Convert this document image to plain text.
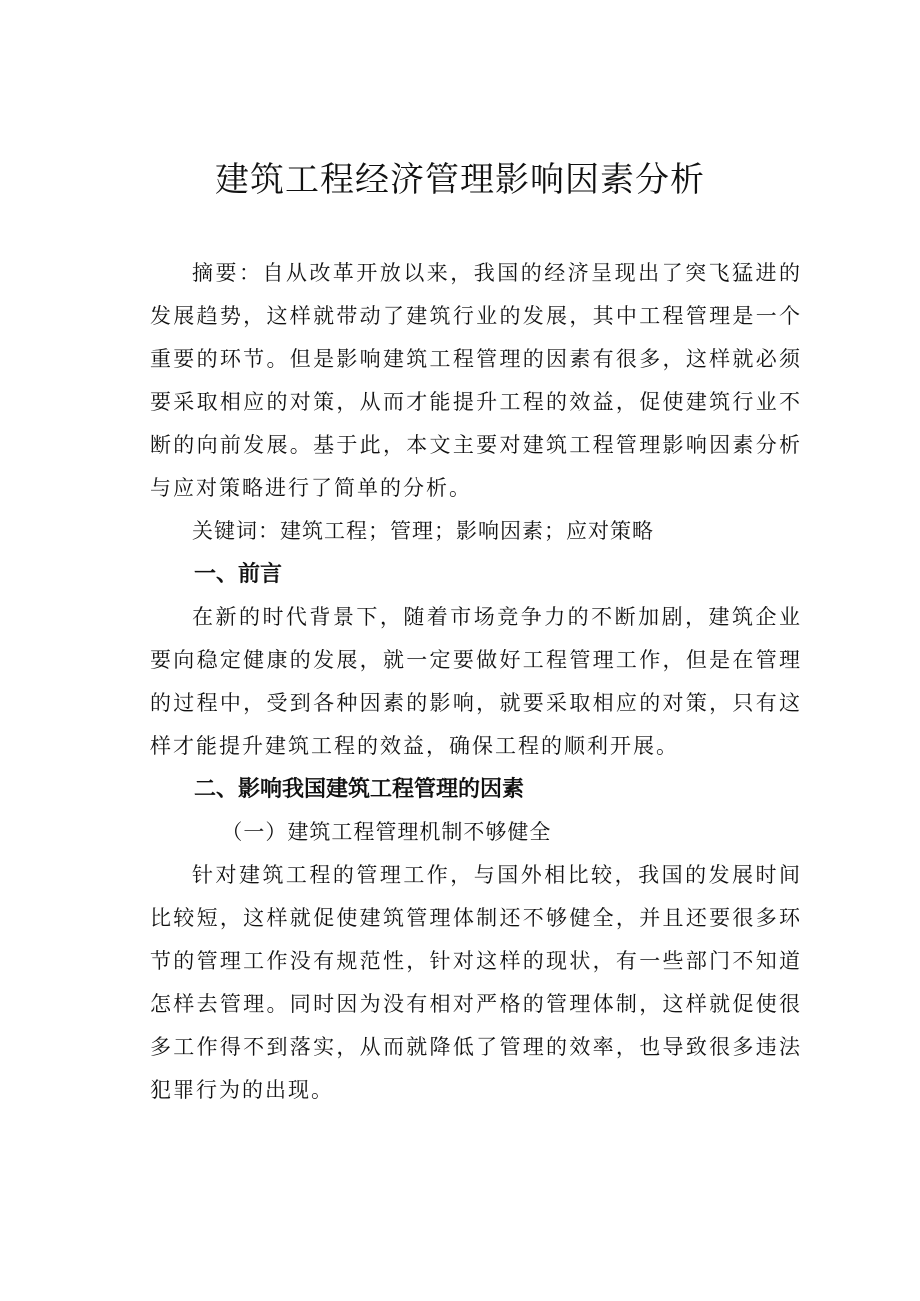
建筑工程经济管理影响因素分析

摘要：自从改革开放以来，我国的经济呈现出了突飞猛进的发展趋势，这样就带动了建筑行业的发展，其中工程管理是一个重要的环节。但是影响建筑工程管理的因素有很多，这样就必须要采取相应的对策，从而才能提升工程的效益，促使建筑行业不断的向前发展。基于此，本文主要对建筑工程管理影响因素分析与应对策略进行了简单的分析。

关键词：建筑工程；管理；影响因素；应对策略

一、前言

在新的时代背景下，随着市场竞争力的不断加剧，建筑企业要向稳定健康的发展，就一定要做好工程管理工作，但是在管理的过程中，受到各种因素的影响，就要采取相应的对策，只有这样才能提升建筑工程的效益，确保工程的顺利开展。

二、影响我国建筑工程管理的因素

（一）建筑工程管理机制不够健全

针对建筑工程的管理工作，与国外相比较，我国的发展时间比较短，这样就促使建筑管理体制还不够健全，并且还要很多环节的管理工作没有规范性，针对这样的现状，有一些部门不知道怎样去管理。同时因为没有相对严格的管理体制，这样就促使很多工作得不到落实，从而就降低了管理的效率，也导致很多违法犯罪行为的出现。
